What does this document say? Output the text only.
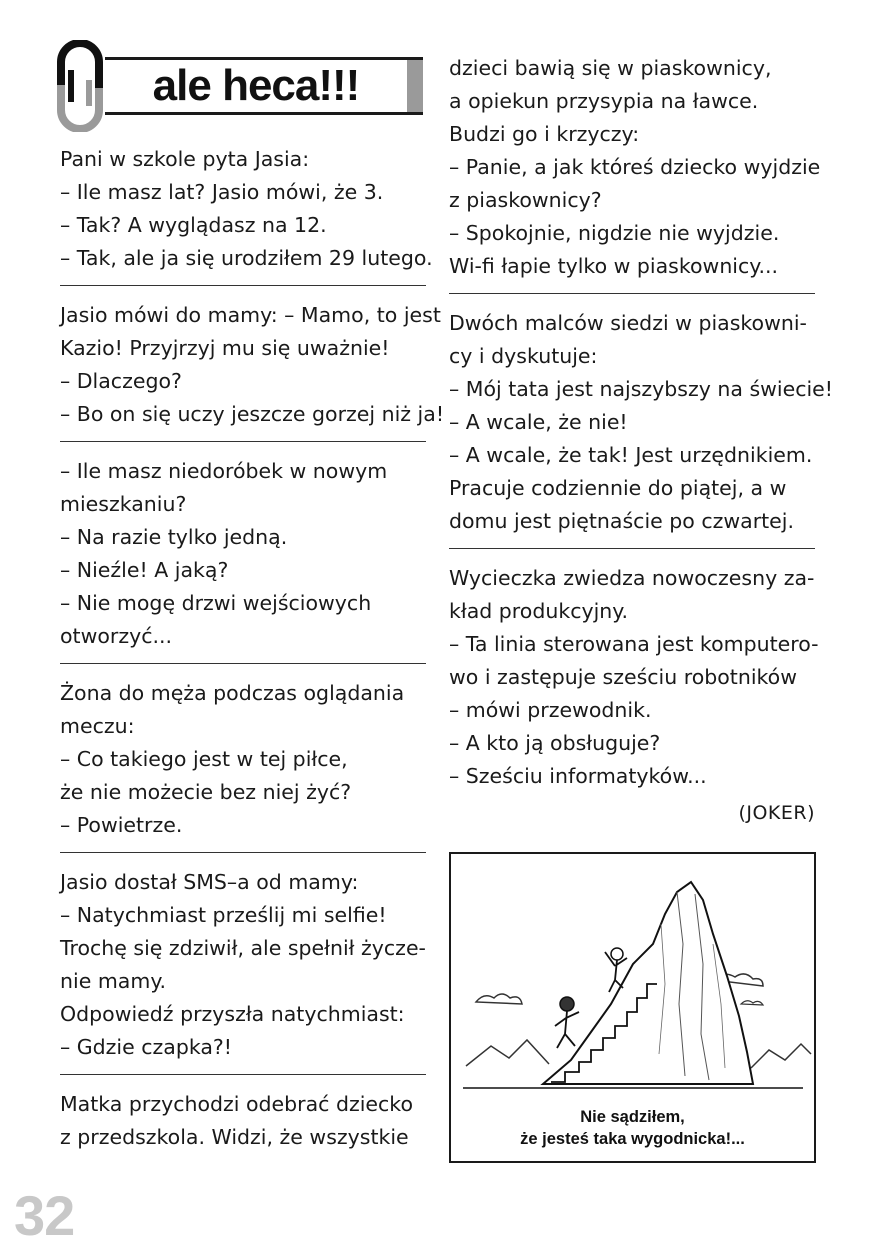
ale heca!!!

Pani w szkole pyta Jasia:

– Ile masz lat? Jasio mówi, że 3.

– Tak? A wyglądasz na 12.

– Tak, ale ja się urodziłem 29 lutego.

Jasio mówi do mamy: – Mamo, to jest

Kazio! Przyjrzyj mu się uważnie!

– Dlaczego?

– Bo on się uczy jeszcze gorzej niż ja!

– Ile masz niedoróbek w nowym

mieszkaniu?

– Na razie tylko jedną.

– Nieźle! A jaką?

– Nie mogę drzwi wejściowych

otworzyć...

Żona do męża podczas oglądania

meczu:

– Co takiego jest w tej piłce,

że nie możecie bez niej żyć?

– Powietrze.

Jasio dostał SMS–a od mamy:

– Natychmiast prześlij mi selfie!

Trochę się zdziwił, ale spełnił życze-

nie mamy.

Odpowiedź przyszła natychmiast:

– Gdzie czapka?!

Matka przychodzi odebrać dziecko

z przedszkola. Widzi, że wszystkie

dzieci bawią się w piaskownicy,

a opiekun przysypia na ławce.

Budzi go i krzyczy:

– Panie, a jak któreś dziecko wyjdzie

z piaskownicy?

– Spokojnie, nigdzie nie wyjdzie.

Wi-fi łapie tylko w piaskownicy...

Dwóch malców siedzi w piaskowni-

cy i dyskutuje:

– Mój tata jest najszybszy na świecie!

– A wcale, że nie!

– A wcale, że tak! Jest urzędnikiem.

Pracuje codziennie do piątej, a w

domu jest piętnaście po czwartej.

Wycieczka zwiedza nowoczesny za-

kład produkcyjny.

– Ta linia sterowana jest komputero-

wo i zastępuje sześciu robotników

– mówi przewodnik.

– A kto ją obsługuje?

– Sześciu informatyków...

(JOKER)

Nie sądziłem,
że jesteś taka wygodnicka!...
32
